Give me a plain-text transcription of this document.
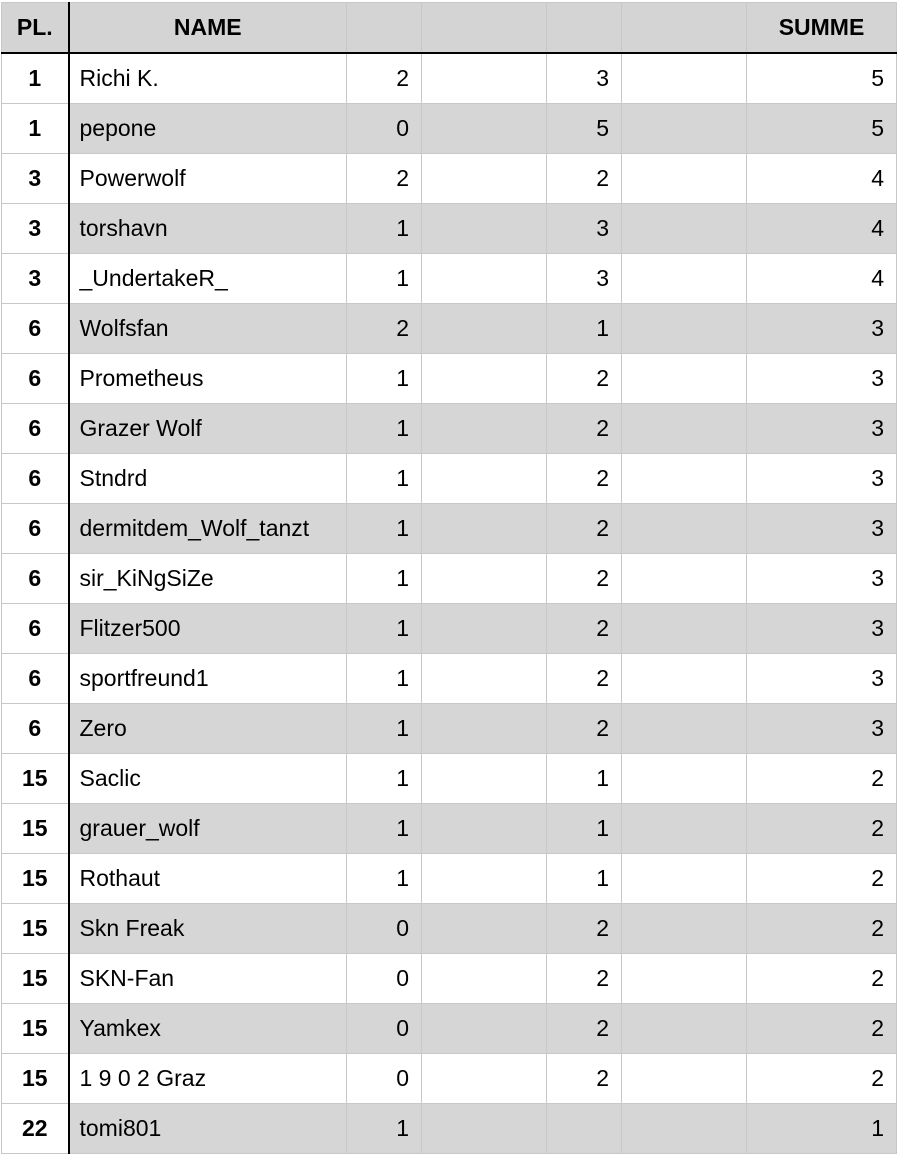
PL.	NAME					SUMME
1	Richi K.	2		3		5
1	pepone	0		5		5
3	Powerwolf	2		2		4
3	torshavn	1		3		4
3	_UndertakeR_	1		3		4
6	Wolfsfan	2		1		3
6	Prometheus	1		2		3
6	Grazer Wolf	1		2		3
6	Stndrd	1		2		3
6	dermitdem_Wolf_tanzt	1		2		3
6	sir_KiNgSiZe	1		2		3
6	Flitzer500	1		2		3
6	sportfreund1	1		2		3
6	Zero	1		2		3
15	Saclic	1		1		2
15	grauer_wolf	1		1		2
15	Rothaut	1		1		2
15	Skn Freak	0		2		2
15	SKN-Fan	0		2		2
15	Yamkex	0		2		2
15	1 9 0 2 Graz	0		2		2
22	tomi801	1				1
